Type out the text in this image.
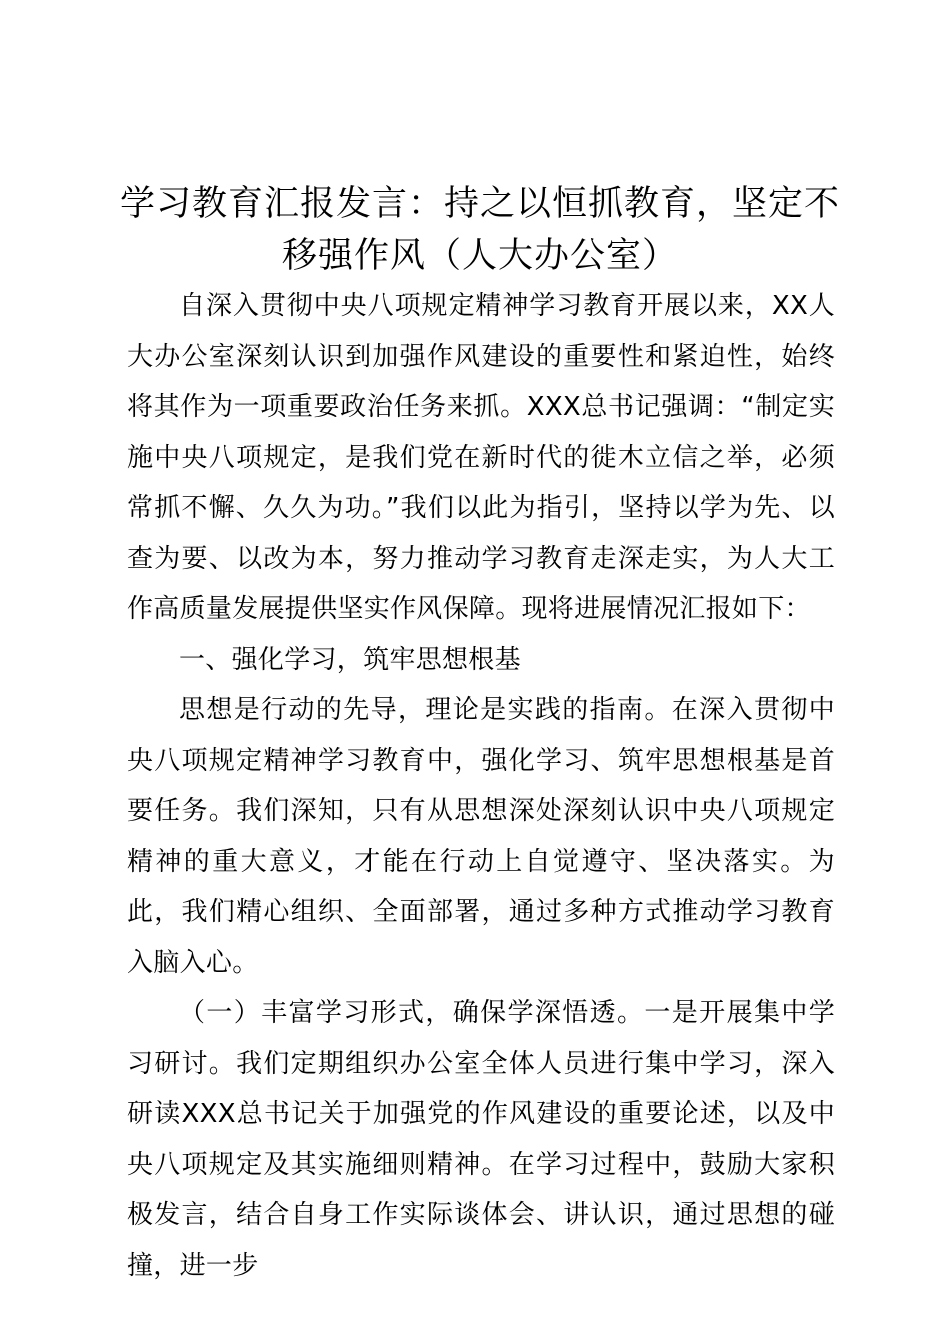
学习教育汇报发言：持之以恒抓教育，坚定不移强作风（人大办公室）

自深入贯彻中央八项规定精神学习教育开展以来，XX人大办公室深刻认识到加强作风建设的重要性和紧迫性，始终将其作为一项重要政治任务来抓。XXX总书记强调：“制定实施中央八项规定，是我们党在新时代的徙木立信之举，必须常抓不懈、久久为功。”我们以此为指引，坚持以学为先、以查为要、以改为本，努力推动学习教育走深走实，为人大工作高质量发展提供坚实作风保障。现将进展情况汇报如下：

一、强化学习，筑牢思想根基

思想是行动的先导，理论是实践的指南。在深入贯彻中央八项规定精神学习教育中，强化学习、筑牢思想根基是首要任务。我们深知，只有从思想深处深刻认识中央八项规定精神的重大意义，才能在行动上自觉遵守、坚决落实。为此，我们精心组织、全面部署，通过多种方式推动学习教育入脑入心。

（一）丰富学习形式，确保学深悟透。一是开展集中学习研讨。我们定期组织办公室全体人员进行集中学习，深入研读XXX总书记关于加强党的作风建设的重要论述，以及中央八项规定及其实施细则精神。在学习过程中，鼓励大家积极发言，结合自身工作实际谈体会、讲认识，通过思想的碰撞，进一步
